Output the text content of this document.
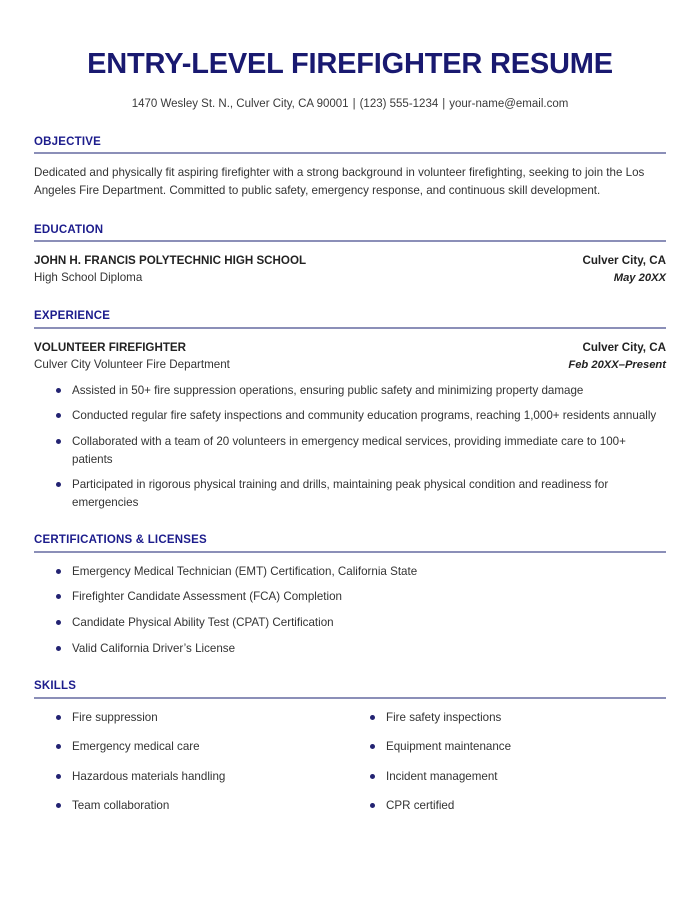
ENTRY-LEVEL FIREFIGHTER RESUME
1470 Wesley St. N., Culver City, CA 90001 | (123) 555-1234 | your-name@email.com
OBJECTIVE

Dedicated and physically fit aspiring firefighter with a strong background in volunteer firefighting, seeking to join the Los Angeles Fire Department. Committed to public safety, emergency response, and continuous skill development.

EDUCATION
JOHN H. FRANCIS POLYTECHNIC HIGH SCHOOL	Culver City, CA
High School Diploma	May 20XX
EXPERIENCE
VOLUNTEER FIREFIGHTER	Culver City, CA
Culver City Volunteer Fire Department	Feb 20XX–Present
Assisted in 50+ fire suppression operations, ensuring public safety and minimizing property damage
Conducted regular fire safety inspections and community education programs, reaching 1,000+ residents annually
Collaborated with a team of 20 volunteers in emergency medical services, providing immediate care to 100+ patients
Participated in rigorous physical training and drills, maintaining peak physical condition and readiness for emergencies
CERTIFICATIONS & LICENSES
Emergency Medical Technician (EMT) Certification, California State
Firefighter Candidate Assessment (FCA) Completion
Candidate Physical Ability Test (CPAT) Certification
Valid California Driver’s License
SKILLS
Fire suppression
Emergency medical care
Hazardous materials handling
Team collaboration
Fire safety inspections
Equipment maintenance
Incident management
CPR certified
